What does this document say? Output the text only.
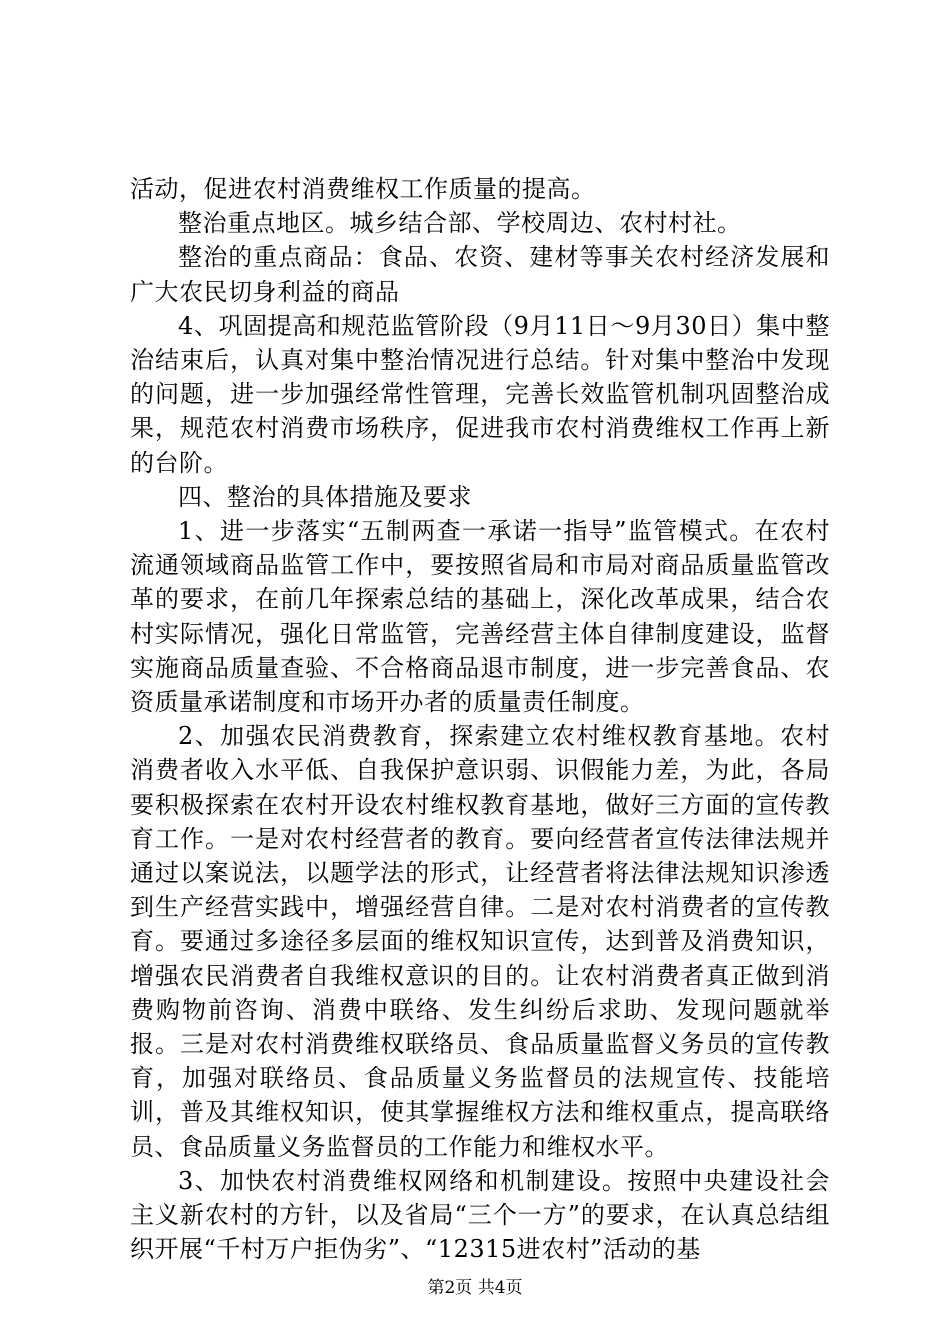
活动，促进农村消费维权工作质量的提高。

整治重点地区。城乡结合部、学校周边、农村村社。

整治的重点商品：食品、农资、建材等事关农村经济发展和广大农民切身利益的商品

4、巩固提高和规范监管阶段（9月11日～9月30日）集中整治结束后，认真对集中整治情况进行总结。针对集中整治中发现的问题，进一步加强经常性管理，完善长效监管机制巩固整治成果，规范农村消费市场秩序，促进我市农村消费维权工作再上新的台阶。

四、整治的具体措施及要求

1、进一步落实“五制两查一承诺一指导”监管模式。在农村流通领域商品监管工作中，要按照省局和市局对商品质量监管改革的要求，在前几年探索总结的基础上，深化改革成果，结合农村实际情况，强化日常监管，完善经营主体自律制度建设，监督实施商品质量查验、不合格商品退市制度，进一步完善食品、农资质量承诺制度和市场开办者的质量责任制度。

2、加强农民消费教育，探索建立农村维权教育基地。农村消费者收入水平低、自我保护意识弱、识假能力差，为此，各局要积极探索在农村开设农村维权教育基地，做好三方面的宣传教育工作。一是对农村经营者的教育。要向经营者宣传法律法规并通过以案说法，以题学法的形式，让经营者将法律法规知识渗透到生产经营实践中，增强经营自律。二是对农村消费者的宣传教育。要通过多途径多层面的维权知识宣传，达到普及消费知识，增强农民消费者自我维权意识的目的。让农村消费者真正做到消费购物前咨询、消费中联络、发生纠纷后求助、发现问题就举报。三是对农村消费维权联络员、食品质量监督义务员的宣传教育，加强对联络员、食品质量义务监督员的法规宣传、技能培训，普及其维权知识，使其掌握维权方法和维权重点，提高联络员、食品质量义务监督员的工作能力和维权水平。

3、加快农村消费维权网络和机制建设。按照中央建设社会主义新农村的方针，以及省局“三个一方”的要求，在认真总结组织开展“千村万户拒伪劣”、“12315进农村”活动的基

第2页 共4页
